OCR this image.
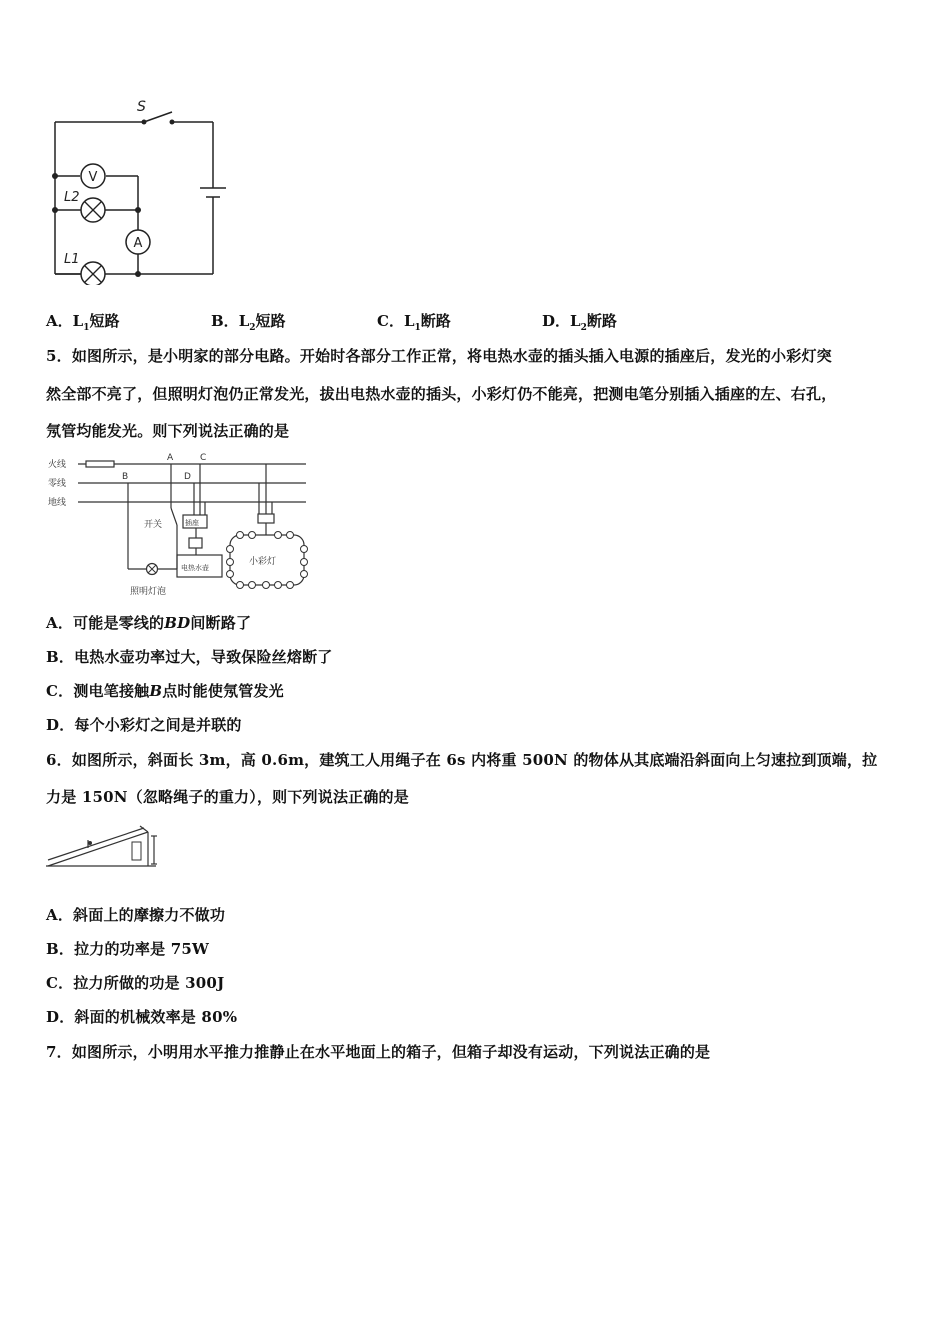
V
A
S
L2
L1
A．$L_1$短路	B．$L_2$短路	C．$L_1$断路	D．$L_2$断路
5．如图所示，是小明家的部分电路。开始时各部分工作正常，将电热水壶的插头插入电源的插座后，发光的小彩灯突
然全部不亮了，但照明灯泡仍正常发光，拔出电热水壶的插头，小彩灯仍不能亮，把测电笔分别插入插座的左、右孔，
氖管均能发光。则下列说法正确的是
火线
零线
地线
A
B
C
D
开关	插座
电热水壶
小彩灯
照明灯泡
A．可能是零线的BD间断路了
B．电热水壶功率过大，导致保险丝熔断了
C．测电笔接触B点时能使氖管发光
D．每个小彩灯之间是并联的
6．如图所示，斜面长 3m，高 0.6m，建筑工人用绳子在 6s 内将重 500N 的物体从其底端沿斜面向上匀速拉到顶端，拉
力是 150N（忽略绳子的重力），则下列说法正确的是
A．斜面上的摩擦力不做功
B．拉力的功率是 75W
C．拉力所做的功是 300J
D．斜面的机械效率是 80%
7．如图所示，小明用水平推力推静止在水平地面上的箱子，但箱子却没有运动，下列说法正确的是
